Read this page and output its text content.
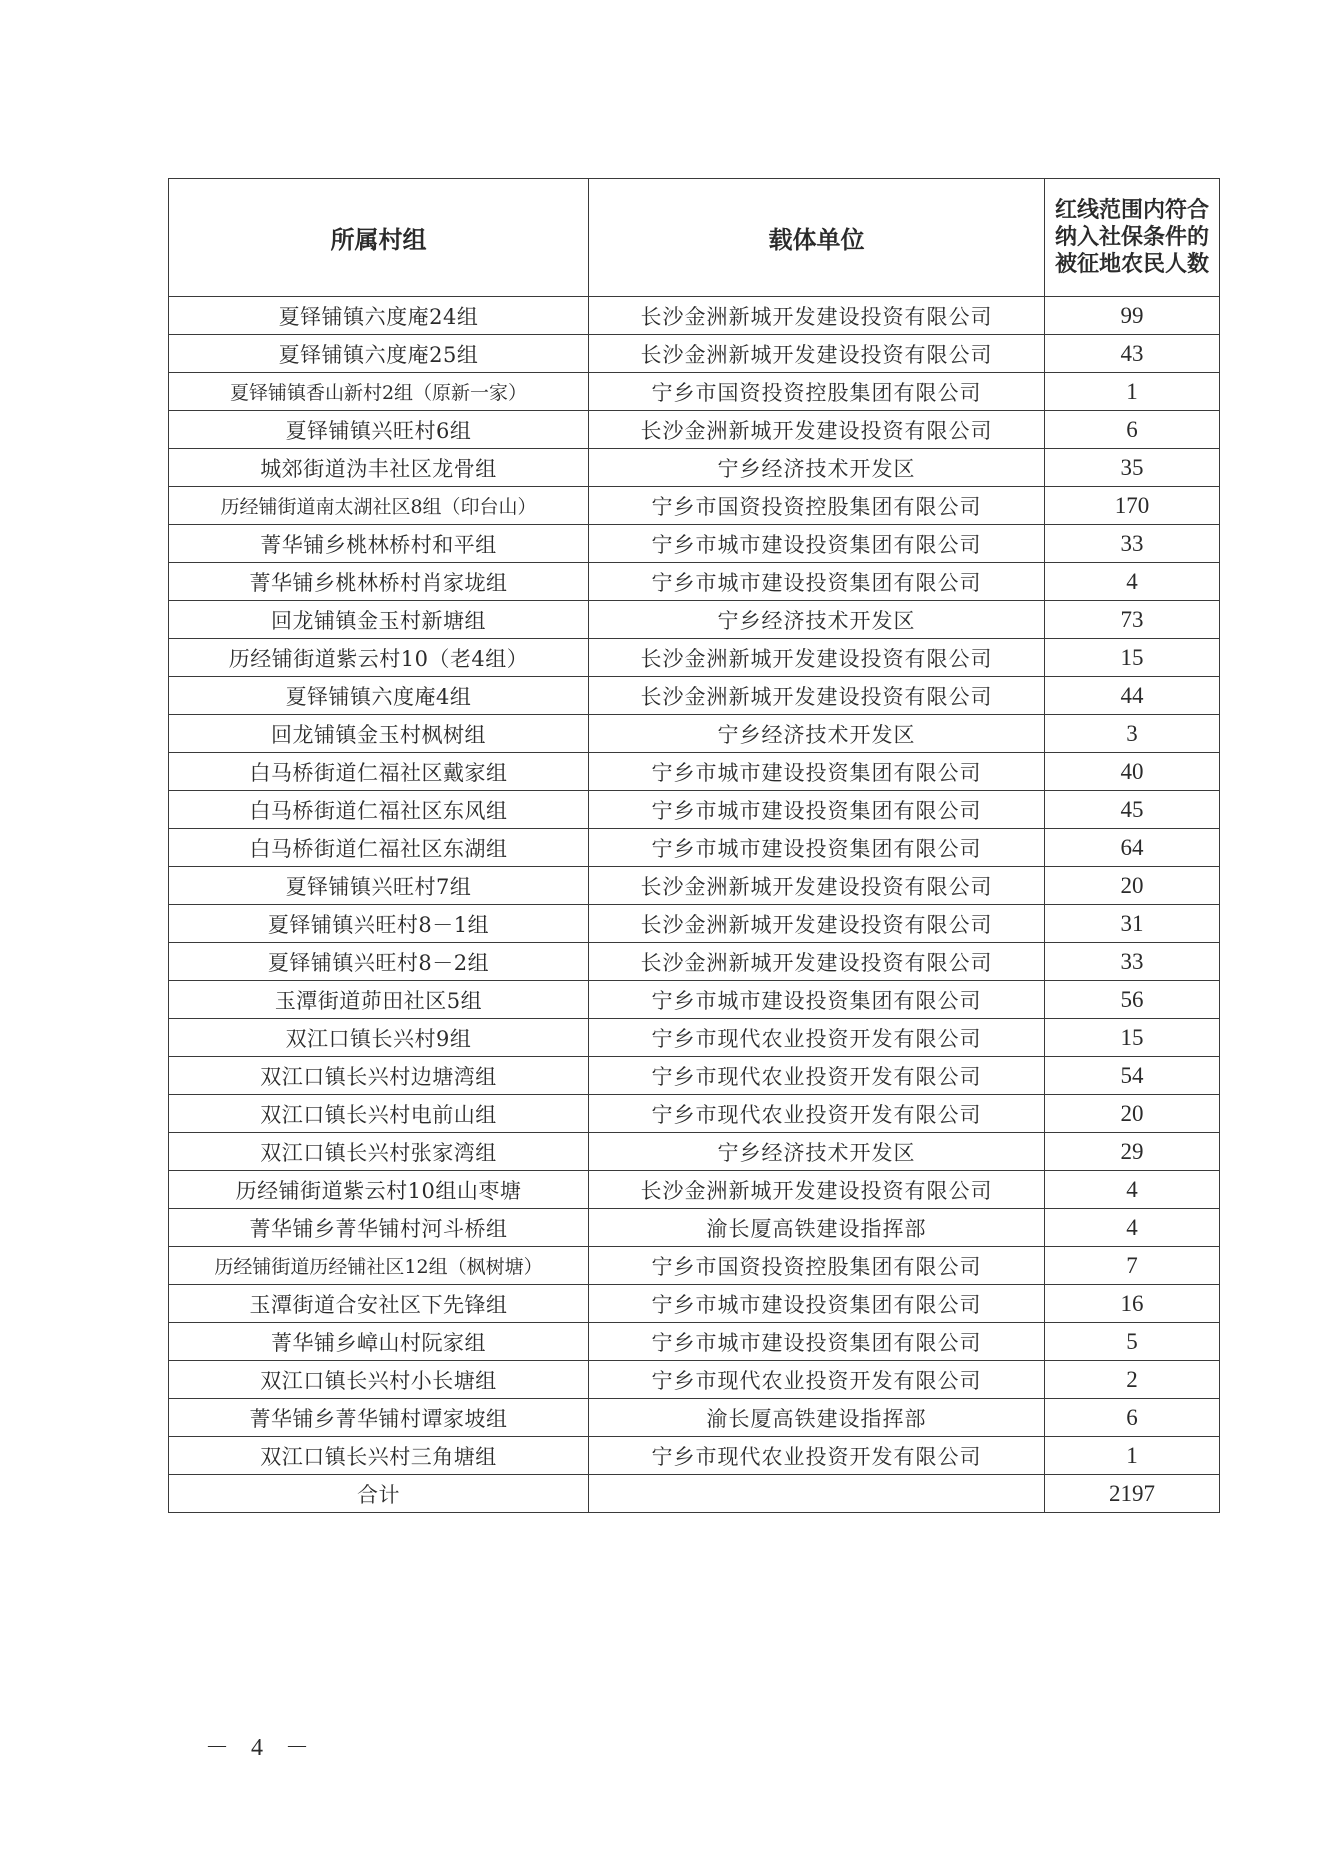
所属村组	载体单位	红线范围内符合纳入社保条件的被征地农民人数
夏铎铺镇六度庵24组	长沙金洲新城开发建设投资有限公司	99
夏铎铺镇六度庵25组	长沙金洲新城开发建设投资有限公司	43
夏铎铺镇香山新村2组（原新一家）	宁乡市国资投资控股集团有限公司	1
夏铎铺镇兴旺村6组	长沙金洲新城开发建设投资有限公司	6
城郊街道沩丰社区龙骨组	宁乡经济技术开发区	35
历经铺街道南太湖社区8组（印台山）	宁乡市国资投资控股集团有限公司	170
菁华铺乡桃林桥村和平组	宁乡市城市建设投资集团有限公司	33
菁华铺乡桃林桥村肖家垅组	宁乡市城市建设投资集团有限公司	4
回龙铺镇金玉村新塘组	宁乡经济技术开发区	73
历经铺街道紫云村10（老4组）	长沙金洲新城开发建设投资有限公司	15
夏铎铺镇六度庵4组	长沙金洲新城开发建设投资有限公司	44
回龙铺镇金玉村枫树组	宁乡经济技术开发区	3
白马桥街道仁福社区戴家组	宁乡市城市建设投资集团有限公司	40
白马桥街道仁福社区东风组	宁乡市城市建设投资集团有限公司	45
白马桥街道仁福社区东湖组	宁乡市城市建设投资集团有限公司	64
夏铎铺镇兴旺村7组	长沙金洲新城开发建设投资有限公司	20
夏铎铺镇兴旺村8－1组	长沙金洲新城开发建设投资有限公司	31
夏铎铺镇兴旺村8－2组	长沙金洲新城开发建设投资有限公司	33
玉潭街道茆田社区5组	宁乡市城市建设投资集团有限公司	56
双江口镇长兴村9组	宁乡市现代农业投资开发有限公司	15
双江口镇长兴村边塘湾组	宁乡市现代农业投资开发有限公司	54
双江口镇长兴村电前山组	宁乡市现代农业投资开发有限公司	20
双江口镇长兴村张家湾组	宁乡经济技术开发区	29
历经铺街道紫云村10组山枣塘	长沙金洲新城开发建设投资有限公司	4
菁华铺乡菁华铺村河斗桥组	渝长厦高铁建设指挥部	4
历经铺街道历经铺社区12组（枫树塘）	宁乡市国资投资控股集团有限公司	7
玉潭街道合安社区下先锋组	宁乡市城市建设投资集团有限公司	16
菁华铺乡嶂山村阮家组	宁乡市城市建设投资集团有限公司	5
双江口镇长兴村小长塘组	宁乡市现代农业投资开发有限公司	2
菁华铺乡菁华铺村谭家坡组	渝长厦高铁建设指挥部	6
双江口镇长兴村三角塘组	宁乡市现代农业投资开发有限公司	1
合计		2197
－ 4 －
